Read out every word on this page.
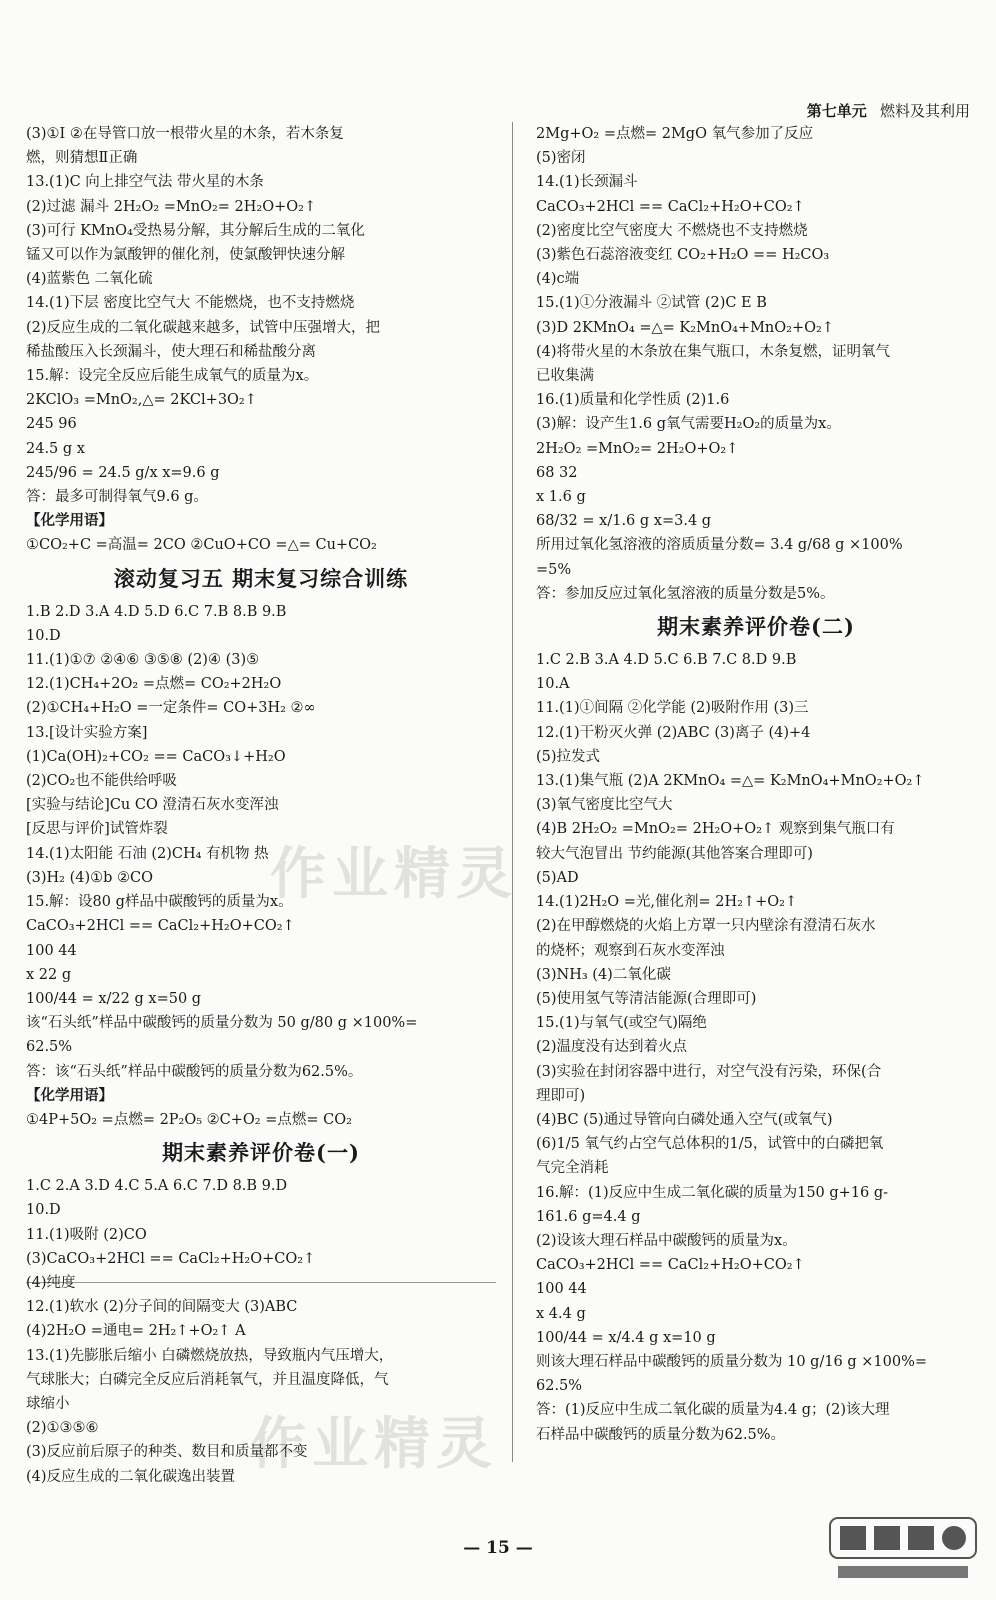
第七单元 燃料及其利用
(3)①Ⅰ ②在导管口放一根带火星的木条，若木条复
燃，则猜想Ⅱ正确
13.(1)C 向上排空气法 带火星的木条
(2)过滤 漏斗 2H₂O₂ =MnO₂= 2H₂O+O₂↑
(3)可行 KMnO₄受热易分解，其分解后生成的二氧化
锰又可以作为氯酸钾的催化剂，使氯酸钾快速分解
(4)蓝紫色 二氧化硫
14.(1)下层 密度比空气大 不能燃烧，也不支持燃烧
(2)反应生成的二氧化碳越来越多，试管中压强增大，把
稀盐酸压入长颈漏斗，使大理石和稀盐酸分离
15.解：设完全反应后能生成氧气的质量为x。
2KClO₃ =MnO₂,△= 2KCl+3O₂↑
245 96
24.5 g x
245/96 = 24.5 g/x x=9.6 g
答：最多可制得氧气9.6 g。
【化学用语】
①CO₂+C =高温= 2CO ②CuO+CO =△= Cu+CO₂
滚动复习五 期末复习综合训练
1.B 2.D 3.A 4.D 5.D 6.C 7.B 8.B 9.B
10.D
11.(1)①⑦ ②④⑥ ③⑤⑧ (2)④ (3)⑤
12.(1)CH₄+2O₂ =点燃= CO₂+2H₂O
(2)①CH₄+H₂O =一定条件= CO+3H₂ ②∞
13.[设计实验方案]
(1)Ca(OH)₂+CO₂ == CaCO₃↓+H₂O
(2)CO₂也不能供给呼吸
[实验与结论]Cu CO 澄清石灰水变浑浊
[反思与评价]试管炸裂
14.(1)太阳能 石油 (2)CH₄ 有机物 热
(3)H₂ (4)①b ②CO
15.解：设80 g样品中碳酸钙的质量为x。
CaCO₃+2HCl == CaCl₂+H₂O+CO₂↑
100 44
x 22 g
100/44 = x/22 g x=50 g
该“石头纸”样品中碳酸钙的质量分数为 50 g/80 g ×100%=
62.5%
答：该“石头纸”样品中碳酸钙的质量分数为62.5%。
【化学用语】
①4P+5O₂ =点燃= 2P₂O₅ ②C+O₂ =点燃= CO₂
期末素养评价卷(一)
1.C 2.A 3.D 4.C 5.A 6.C 7.D 8.B 9.D
10.D
11.(1)吸附 (2)CO
(3)CaCO₃+2HCl == CaCl₂+H₂O+CO₂↑
(4)纯度
12.(1)软水 (2)分子间的间隔变大 (3)ABC
(4)2H₂O =通电= 2H₂↑+O₂↑ A
13.(1)先膨胀后缩小 白磷燃烧放热，导致瓶内气压增大，
气球胀大；白磷完全反应后消耗氧气，并且温度降低，气
球缩小
(2)①③⑤⑥
(3)反应前后原子的种类、数目和质量都不变
(4)反应生成的二氧化碳逸出装置
2Mg+O₂ =点燃= 2MgO 氧气参加了反应
(5)密闭
14.(1)长颈漏斗
CaCO₃+2HCl == CaCl₂+H₂O+CO₂↑
(2)密度比空气密度大 不燃烧也不支持燃烧
(3)紫色石蕊溶液变红 CO₂+H₂O == H₂CO₃
(4)c端
15.(1)①分液漏斗 ②试管 (2)C E B
(3)D 2KMnO₄ =△= K₂MnO₄+MnO₂+O₂↑
(4)将带火星的木条放在集气瓶口，木条复燃，证明氧气
已收集满
16.(1)质量和化学性质 (2)1.6
(3)解：设产生1.6 g氧气需要H₂O₂的质量为x。
2H₂O₂ =MnO₂= 2H₂O+O₂↑
68 32
x 1.6 g
68/32 = x/1.6 g x=3.4 g
所用过氧化氢溶液的溶质质量分数= 3.4 g/68 g ×100%
=5%
答：参加反应过氧化氢溶液的质量分数是5%。
期末素养评价卷(二)
1.C 2.B 3.A 4.D 5.C 6.B 7.C 8.D 9.B
10.A
11.(1)①间隔 ②化学能 (2)吸附作用 (3)三
12.(1)干粉灭火弹 (2)ABC (3)离子 (4)+4
(5)拉发式
13.(1)集气瓶 (2)A 2KMnO₄ =△= K₂MnO₄+MnO₂+O₂↑
(3)氧气密度比空气大
(4)B 2H₂O₂ =MnO₂= 2H₂O+O₂↑ 观察到集气瓶口有
较大气泡冒出 节约能源(其他答案合理即可)
(5)AD
14.(1)2H₂O =光,催化剂= 2H₂↑+O₂↑
(2)在甲醇燃烧的火焰上方罩一只内壁涂有澄清石灰水
的烧杯；观察到石灰水变浑浊
(3)NH₃ (4)二氧化碳
(5)使用氢气等清洁能源(合理即可)
15.(1)与氧气(或空气)隔绝
(2)温度没有达到着火点
(3)实验在封闭容器中进行，对空气没有污染，环保(合
理即可)
(4)BC (5)通过导管向白磷处通入空气(或氧气)
(6)1/5 氧气约占空气总体积的1/5，试管中的白磷把氧
气完全消耗
16.解：(1)反应中生成二氧化碳的质量为150 g+16 g-
161.6 g=4.4 g
(2)设该大理石样品中碳酸钙的质量为x。
CaCO₃+2HCl == CaCl₂+H₂O+CO₂↑
100 44
x 4.4 g
100/44 = x/4.4 g x=10 g
则该大理石样品中碳酸钙的质量分数为 10 g/16 g ×100%=
62.5%
答：(1)反应中生成二氧化碳的质量为4.4 g；(2)该大理
石样品中碳酸钙的质量分数为62.5%。
作业精灵
作业精灵
— 15 —
